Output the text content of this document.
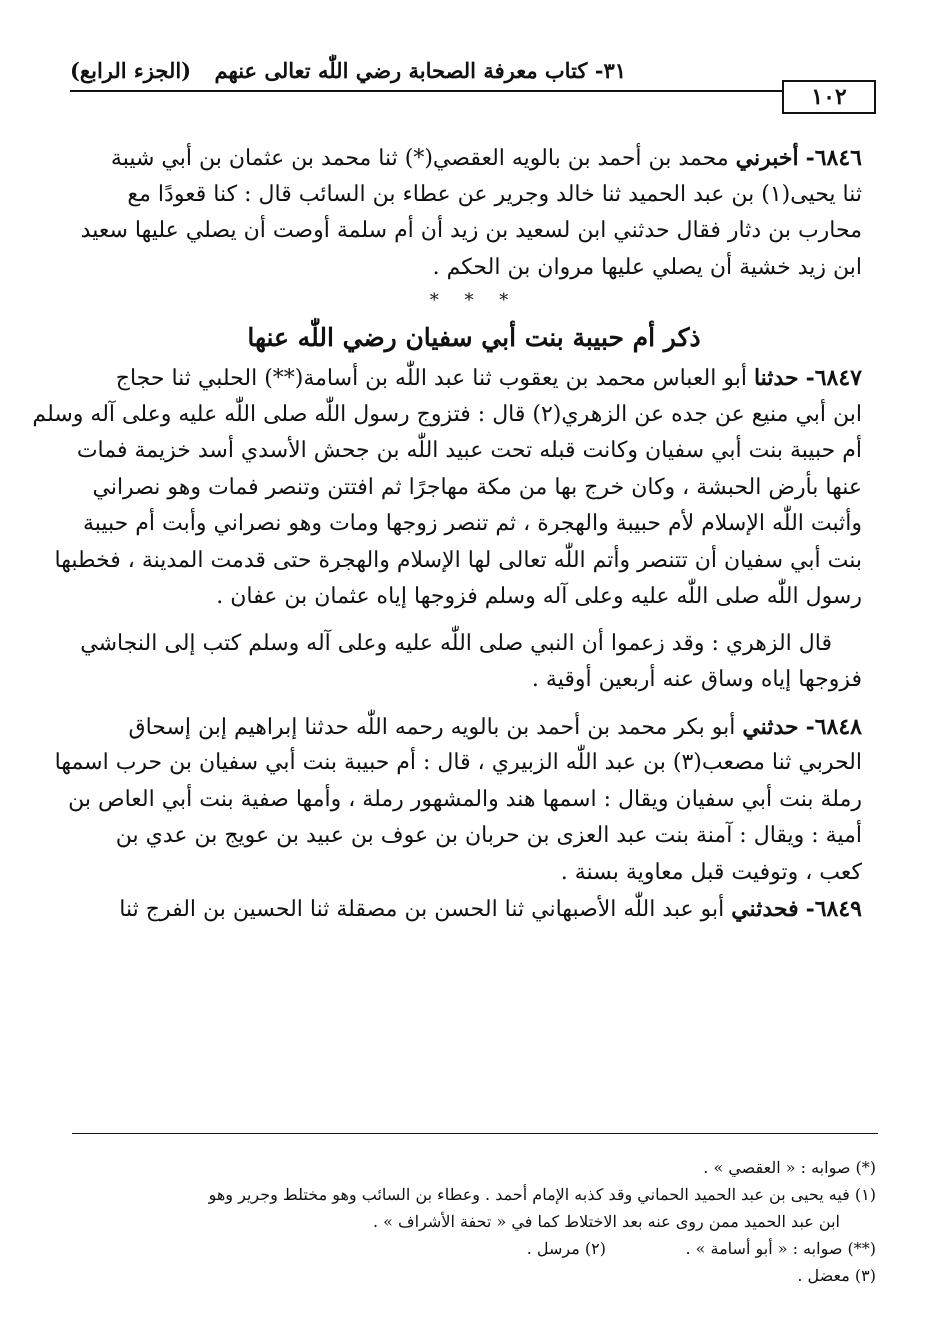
١٠٢
٣١- كتاب معرفة الصحابة رضي اللّٰه تعالى عنهم
(الجزء الرابع)
٦٨٤٦- أخبرني محمد بن أحمد بن بالويه العقصي(*) ثنا محمد بن عثمان بن أبي شيبة
ثنا يحيى(١) بن عبد الحميد ثنا خالد وجرير عن عطاء بن السائب قال : كنا قعودًا مع
محارب بن دثار فقال حدثني ابن لسعيد بن زيد أن أم سلمة أوصت أن يصلي عليها سعيد
ابن زيد خشية أن يصلي عليها مروان بن الحكم .
* * *
ذكر أم حبيبة بنت أبي سفيان رضي اللّٰه عنها
٦٨٤٧- حدثنا أبو العباس محمد بن يعقوب ثنا عبد اللّٰه بن أسامة(**) الحلبي ثنا حجاج
ابن أبي منيع عن جده عن الزهري(٢) قال : فتزوج رسول اللّٰه صلى اللّٰه عليه وعلى آله وسلم
أم حبيبة بنت أبي سفيان وكانت قبله تحت عبيد اللّٰه بن جحش الأسدي أسد خزيمة فمات
عنها بأرض الحبشة ، وكان خرج بها من مكة مهاجرًا ثم افتتن وتنصر فمات وهو نصراني
وأثبت اللّٰه الإسلام لأم حبيبة والهجرة ، ثم تنصر زوجها ومات وهو نصراني وأبت أم حبيبة
بنت أبي سفيان أن تتنصر وأتم اللّٰه تعالى لها الإسلام والهجرة حتى قدمت المدينة ، فخطبها
رسول اللّٰه صلى اللّٰه عليه وعلى آله وسلم فزوجها إياه عثمان بن عفان .
قال الزهري : وقد زعموا أن النبي صلى اللّٰه عليه وعلى آله وسلم كتب إلى النجاشي
فزوجها إياه وساق عنه أربعين أوقية .
٦٨٤٨- حدثني أبو بكر محمد بن أحمد بن بالويه رحمه اللّٰه حدثنا إبراهيم إبن إسحاق
الحربي ثنا مصعب(٣) بن عبد اللّٰه الزبيري ، قال : أم حبيبة بنت أبي سفيان بن حرب اسمها
رملة بنت أبي سفيان ويقال : اسمها هند والمشهور رملة ، وأمها صفية بنت أبي العاص بن
أمية : ويقال : آمنة بنت عبد العزى بن حربان بن عوف بن عبيد بن عويج بن عدي بن
كعب ، وتوفيت قبل معاوية بسنة .
٦٨٤٩- فحدثني أبو عبد اللّٰه الأصبهاني ثنا الحسن بن مصقلة ثنا الحسين بن الفرج ثنا
(*) صوابه : « العقصي » .
(١) فيه يحيى بن عبد الحميد الحماني وقد كذبه الإمام أحمد . وعطاء بن السائب وهو مختلط وجرير وهو
ابن عبد الحميد ممن روى عنه بعد الاختلاط كما في « تحفة الأشراف » .
(**) صوابه : « أبو أسامة » .
(٢) مرسل .
(٣) معضل .
